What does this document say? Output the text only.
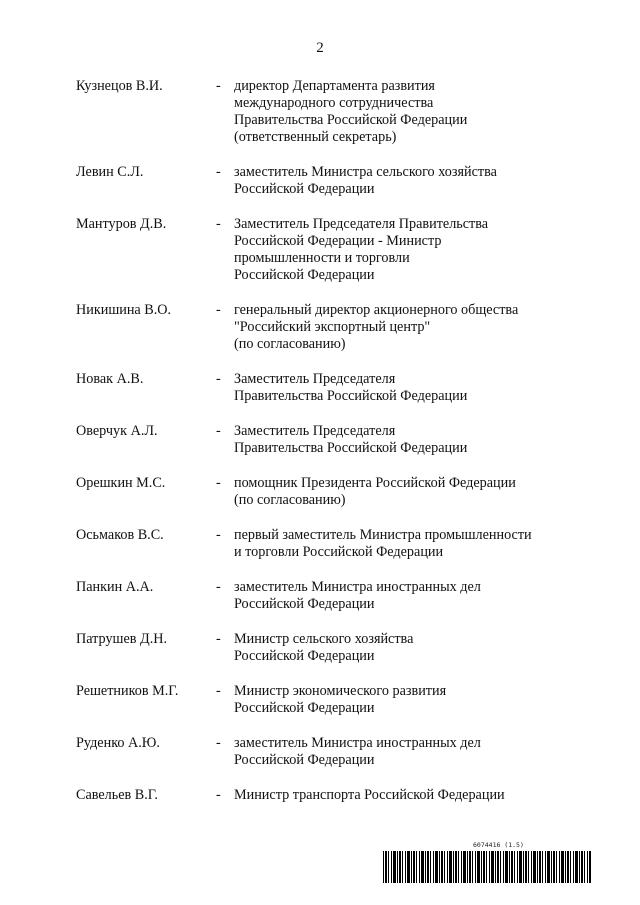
2
Кузнецов В.И.	- директор Департамента развития
международного сотрудничества
Правительства Российской Федерации
(ответственный секретарь)
Левин С.Л.	- заместитель Министра сельского хозяйства
Российской Федерации
Мантуров Д.В.	- Заместитель Председателя Правительства
Российской Федерации - Министр
промышленности и торговли
Российской Федерации
Никишина В.О.	- генеральный директор акционерного общества
"Российский экспортный центр"
(по согласованию)
Новак А.В.	- Заместитель Председателя
Правительства Российской Федерации
Оверчук А.Л.	- Заместитель Председателя
Правительства Российской Федерации
Орешкин М.С.	- помощник Президента Российской Федерации
(по согласованию)
Осьмаков В.С.	- первый заместитель Министра промышленности
и торговли Российской Федерации
Панкин А.А.	- заместитель Министра иностранных дел
Российской Федерации
Патрушев Д.Н.	- Министр сельского хозяйства
Российской Федерации
Решетников М.Г.	- Министр экономического развития
Российской Федерации
Руденко А.Ю.	- заместитель Министра иностранных дел
Российской Федерации
Савельев В.Г.	- Министр транспорта Российской Федерации
6074416 (1.5)
